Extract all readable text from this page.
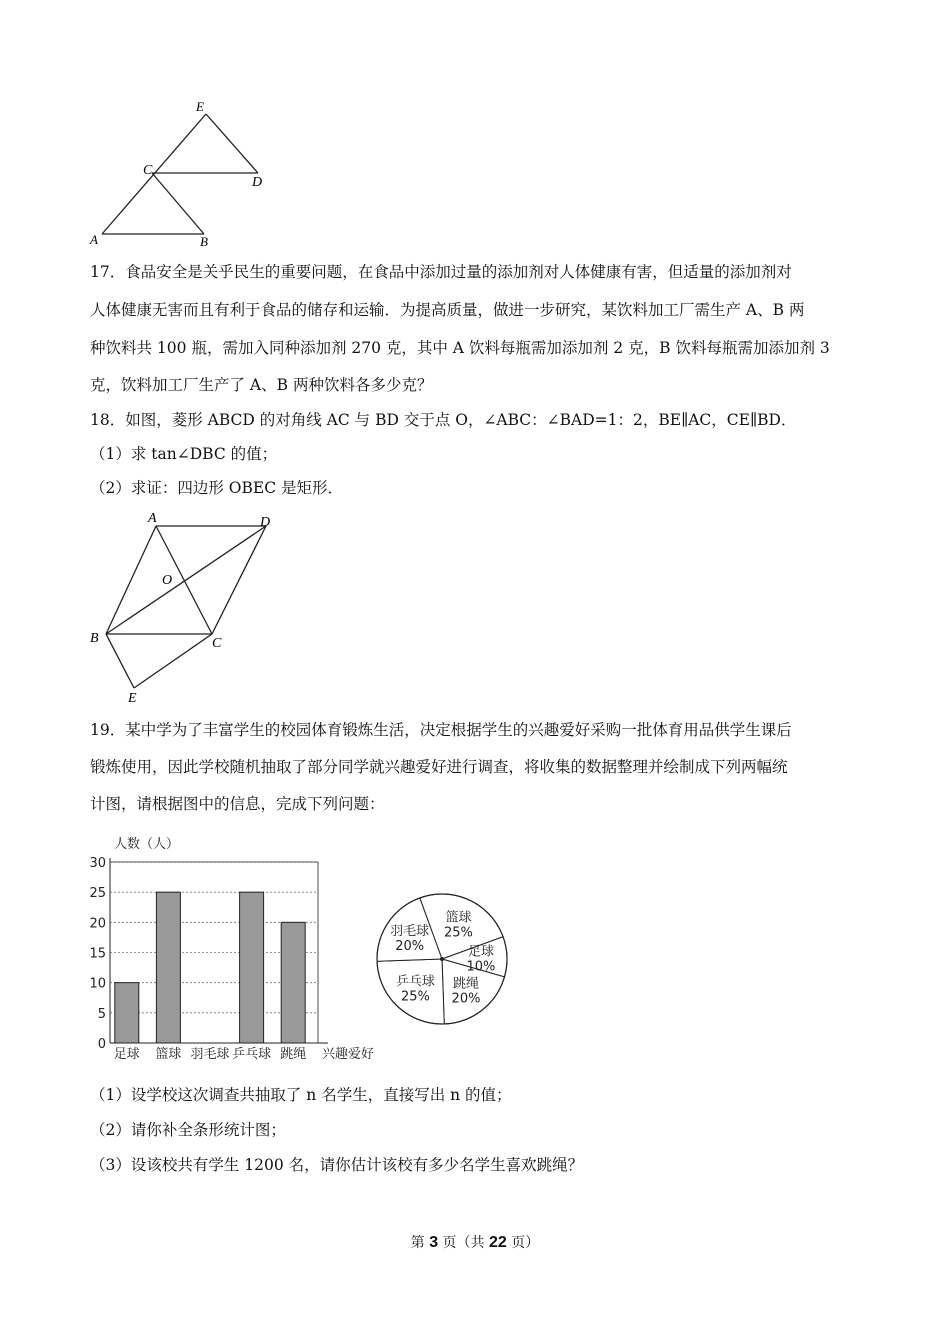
E
C
D
A	B
17．食品安全是关乎民生的重要问题，在食品中添加过量的添加剂对人体健康有害，但适量的添加剂对
人体健康无害而且有利于食品的储存和运输．为提高质量，做进一步研究，某饮料加工厂需生产 A、B 两
种饮料共 100 瓶，需加入同种添加剂 270 克，其中 A 饮料每瓶需加添加剂 2 克，B 饮料每瓶需加添加剂 3
克，饮料加工厂生产了 A、B 两种饮料各多少克？
18．如图，菱形 ABCD 的对角线 AC 与 BD 交于点 O，∠ABC：∠BAD=1：2，BE∥AC，CE∥BD．
（1）求 tan∠DBC 的值；
（2）求证：四边形 OBEC 是矩形．
A	D
O
B	C
E
19．某中学为了丰富学生的校园体育锻炼生活，决定根据学生的兴趣爱好采购一批体育用品供学生课后
锻炼使用，因此学校随机抽取了部分同学就兴趣爱好进行调查，将收集的数据整理并绘制成下列两幅统
计图，请根据图中的信息，完成下列问题：
人数（人）
0
5
10
15
20
25
30
足球 篮球 羽毛球 乒乓球 跳绳 兴趣爱好
篮球
25%
足球
10%
跳绳
20%
乒乓球
25%
羽毛球
20%
（1）设学校这次调查共抽取了 n 名学生，直接写出 n 的值；
（2）请你补全条形统计图；
（3）设该校共有学生 1200 名，请你估计该校有多少名学生喜欢跳绳？
第 3 页（共 22 页）
